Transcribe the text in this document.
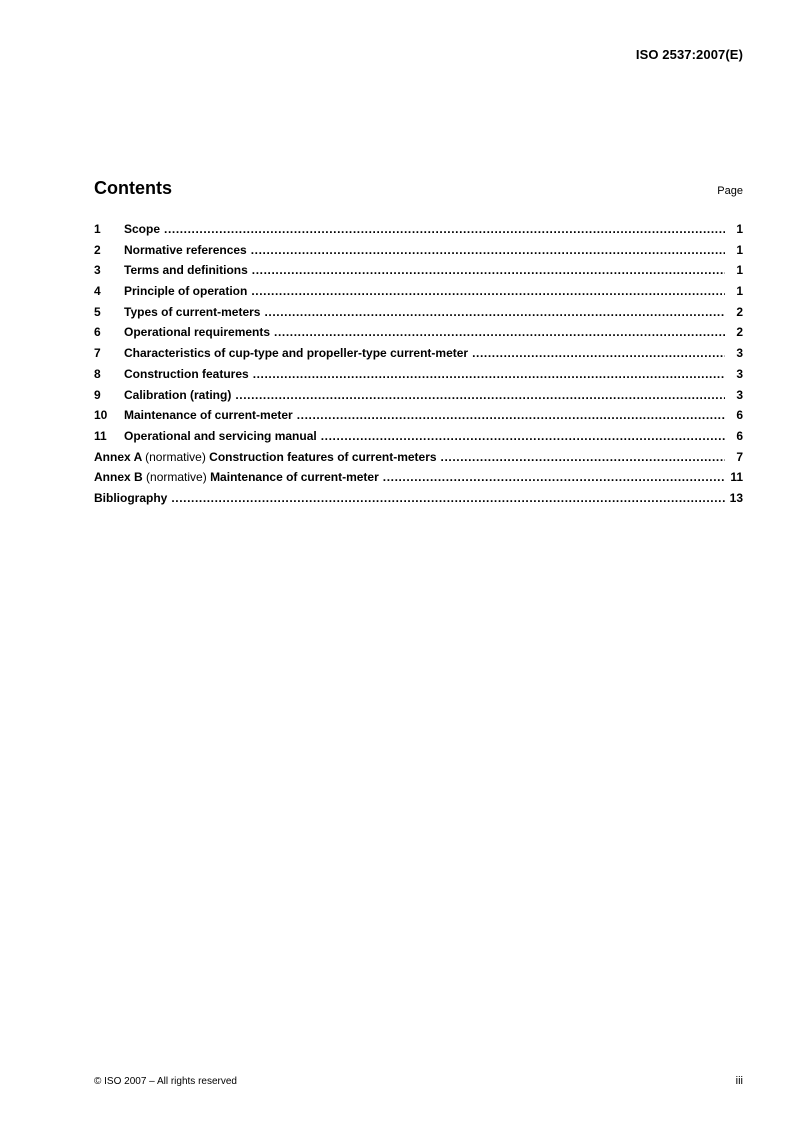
ISO 2537:2007(E)
Contents	Page
1	Scope .....	1
2	Normative references .....	1
3	Terms and definitions .....	1
4	Principle of operation .....	1
5	Types of current-meters .....	2
6	Operational requirements .....	2
7	Characteristics of cup-type and propeller-type current-meter .....	3
8	Construction features .....	3
9	Calibration (rating) .....	3
10	Maintenance of current-meter .....	6
11	Operational and servicing manual .....	6
Annex A (normative) Construction features of current-meters .....	7
Annex B (normative) Maintenance of current-meter .....	11
Bibliography .....	13
© ISO 2007 – All rights reserved	iii
